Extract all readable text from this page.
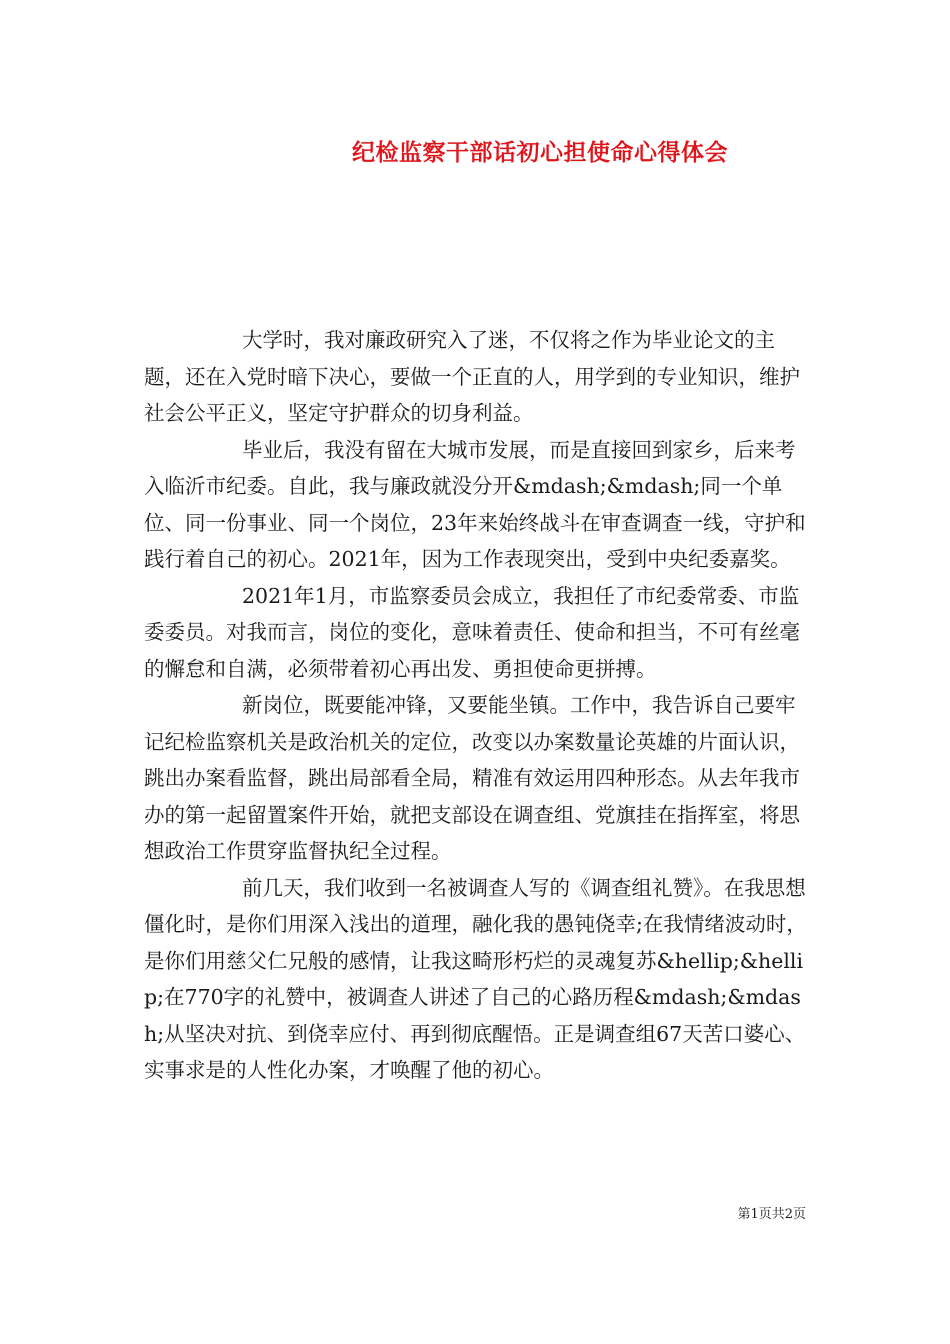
纪检监察干部话初心担使命心得体会

大学时，我对廉政研究入了迷，不仅将之作为毕业论文的主题，还在入党时暗下决心，要做一个正直的人，用学到的专业知识，维护社会公平正义，坚定守护群众的切身利益。

毕业后，我没有留在大城市发展，而是直接回到家乡，后来考入临沂市纪委。自此，我与廉政就没分开&mdash;&mdash;同一个单位、同一份事业、同一个岗位，23年来始终战斗在审查调查一线，守护和践行着自己的初心。2021年，因为工作表现突出，受到中央纪委嘉奖。

2021年1月，市监察委员会成立，我担任了市纪委常委、市监委委员。对我而言，岗位的变化，意味着责任、使命和担当，不可有丝毫的懈怠和自满，必须带着初心再出发、勇担使命更拼搏。

新岗位，既要能冲锋，又要能坐镇。工作中，我告诉自己要牢记纪检监察机关是政治机关的定位，改变以办案数量论英雄的片面认识，跳出办案看监督，跳出局部看全局，精准有效运用四种形态。从去年我市办的第一起留置案件开始，就把支部设在调查组、党旗挂在指挥室，将思想政治工作贯穿监督执纪全过程。

前几天，我们收到一名被调查人写的《调查组礼赞》。在我思想僵化时，是你们用深入浅出的道理，融化我的愚钝侥幸;在我情绪波动时，是你们用慈父仁兄般的感情，让我这畸形朽烂的灵魂复苏&hellip;&hellip;在770字的礼赞中，被调查人讲述了自己的心路历程&mdash;&mdash;从坚决对抗、到侥幸应付、再到彻底醒悟。正是调查组67天苦口婆心、实事求是的人性化办案，才唤醒了他的初心。

第1页共2页
